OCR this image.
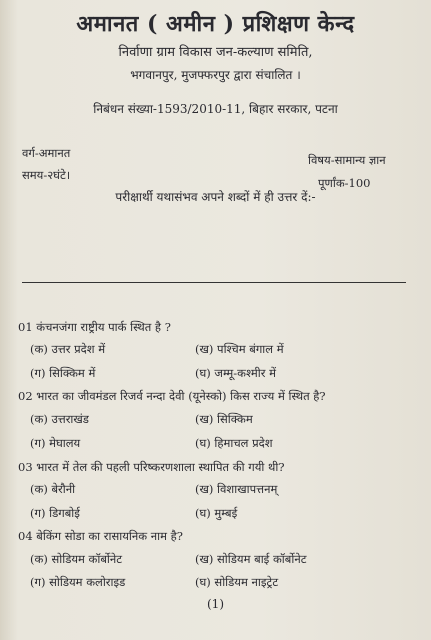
अमानत ( अमीन ) प्रशिक्षण केन्द
निर्वाणा ग्राम विकास जन-कल्याण समिति,
भगवानपुर, मुजफ्फरपुर द्वारा संचालित ।
निबंधन संख्या-1593/2010-11, बिहार सरकार, पटना
वर्ग-अमानत
समय-२घंटे।
विषय-सामान्य ज्ञान
पूर्णांक-100
परीक्षार्थी यथासंभव अपने शब्दों में ही उत्तर दें:-
01 कंचनजंगा राष्ट्रीय पार्क स्थित है ?
(क) उत्तर प्रदेश में	(ख) पश्चिम बंगाल में
(ग) सिक्किम में	(घ) जम्मू-कश्मीर में
02 भारत का जीवमंडल रिजर्व नन्दा देवी (यूनेस्को) किस राज्य में स्थित है?
(क) उत्तराखंड	(ख) सिक्किम
(ग) मेघालय	(घ) हिमाचल प्रदेश
03 भारत में तेल की पहली परिष्करणशाला स्थापित की गयी थी?
(क) बेरौनी	(ख) विशाखापत्तनम्
(ग) डिगबोई	(घ) मुम्बई
04 बेकिंग सोडा का रासायनिक नाम है?
(क) सोडियम कॉर्बोनेट	(ख) सोडियम बाई कॉर्बोनेट
(ग) सोडियम कलोराइड	(घ) सोडियम नाइट्रेट
(1)
